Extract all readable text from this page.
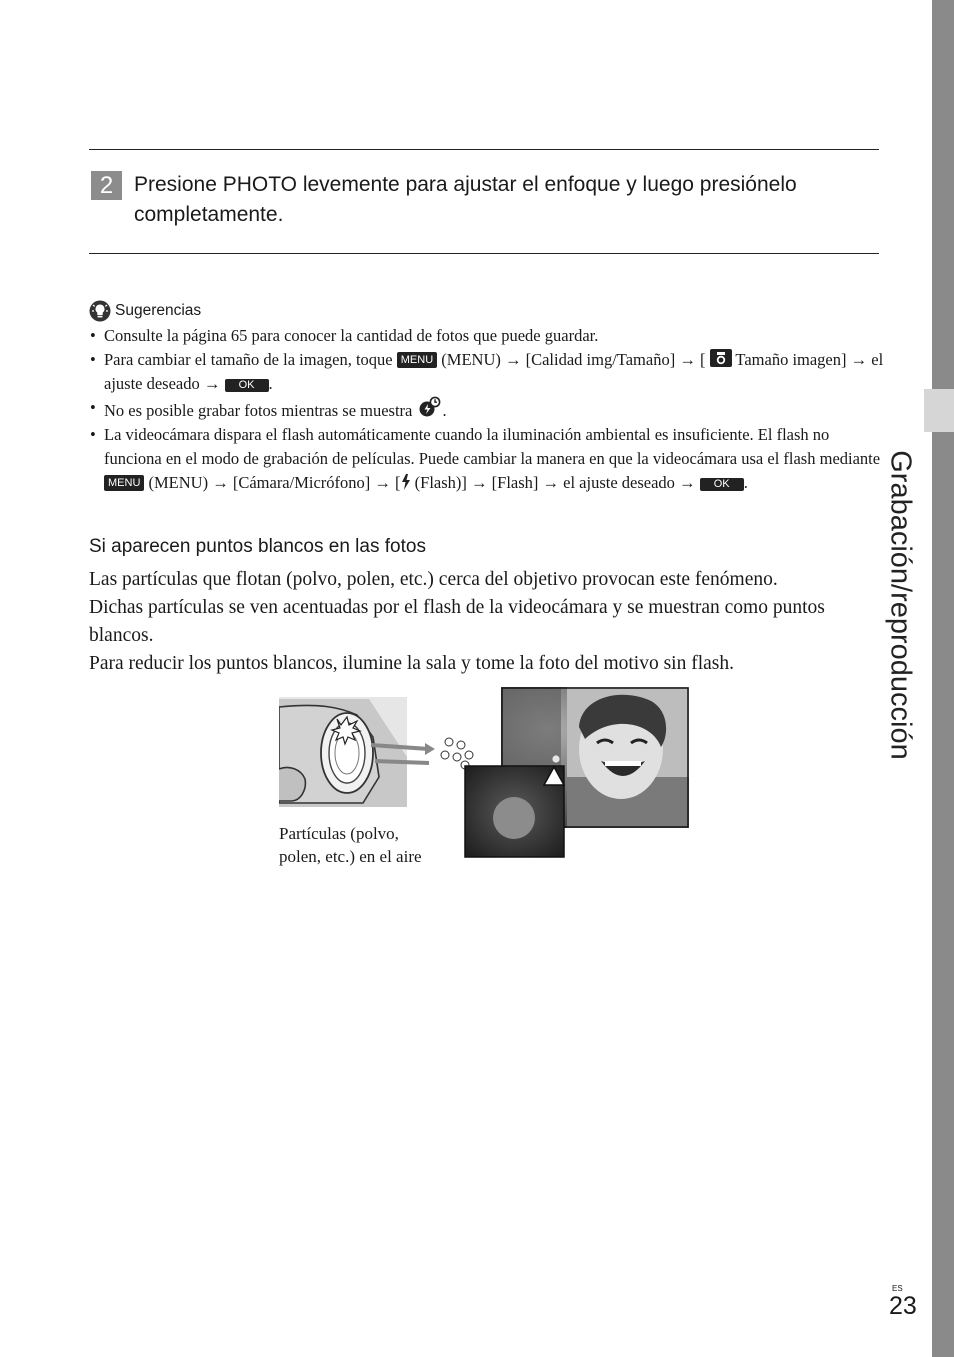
Grabación/reproducción
2 Presione PHOTO levemente para ajustar el enfoque y luego presiónelo completamente.
Sugerencias
• Consulte la página 65 para conocer la cantidad de fotos que puede guardar.
• Para cambiar el tamaño de la imagen, toque MENU (MENU) → [Calidad img/Tamaño] → [ Tamaño imagen] → el ajuste deseado → OK .
• No es posible grabar fotos mientras se muestra .
• La videocámara dispara el flash automáticamente cuando la iluminación ambiental es insuficiente. El flash no funciona en el modo de grabación de películas. Puede cambiar la manera en que la videocámara usa el flash mediante MENU (MENU) → [Cámara/Micrófono] → [ (Flash)] → [Flash] → el ajuste deseado → OK .
Si aparecen puntos blancos en las fotos

Las partículas que flotan (polvo, polen, etc.) cerca del objetivo provocan este fenómeno.

Dichas partículas se ven acentuadas por el flash de la videocámara y se muestran como puntos blancos.

Para reducir los puntos blancos, ilumine la sala y tome la foto del motivo sin flash.

Partículas (polvo,
polen, etc.) en el aire
ES
23
